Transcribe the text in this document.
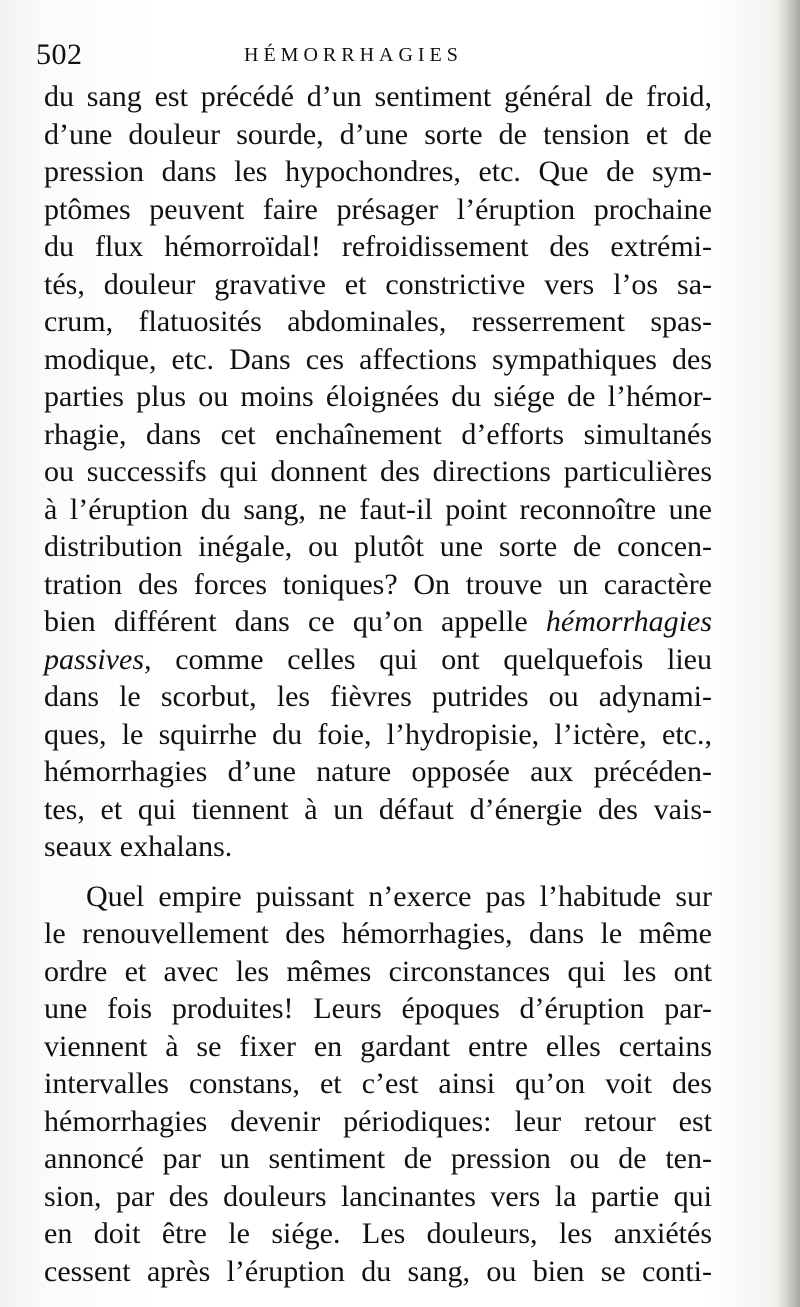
502	HÉMORRHAGIES
du sang est précédé d’un sentiment général de froid,
d’une douleur sourde, d’une sorte de tension et de
pression dans les hypochondres, etc. Que de sym-
ptômes peuvent faire présager l’éruption prochaine
du flux hémorroïdal! refroidissement des extrémi-
tés, douleur gravative et constrictive vers l’os sa-
crum, flatuosités abdominales, resserrement spas-
modique, etc. Dans ces affections sympathiques des
parties plus ou moins éloignées du siége de l’hémor-
rhagie, dans cet enchaînement d’efforts simultanés
ou successifs qui donnent des directions particulières
à l’éruption du sang, ne faut-il point reconnoître une
distribution inégale, ou plutôt une sorte de concen-
tration des forces toniques? On trouve un caractère
bien différent dans ce qu’on appelle hémorrhagies
passives, comme celles qui ont quelquefois lieu
dans le scorbut, les fièvres putrides ou adynami-
ques, le squirrhe du foie, l’hydropisie, l’ictère, etc.,
hémorrhagies d’une nature opposée aux précéden-
tes, et qui tiennent à un défaut d’énergie des vais-
seaux exhalans.
Quel empire puissant n’exerce pas l’habitude sur
le renouvellement des hémorrhagies, dans le même
ordre et avec les mêmes circonstances qui les ont
une fois produites! Leurs époques d’éruption par-
viennent à se fixer en gardant entre elles certains
intervalles constans, et c’est ainsi qu’on voit des
hémorrhagies devenir périodiques: leur retour est
annoncé par un sentiment de pression ou de ten-
sion, par des douleurs lancinantes vers la partie qui
en doit être le siége. Les douleurs, les anxiétés
cessent après l’éruption du sang, ou bien se conti-
